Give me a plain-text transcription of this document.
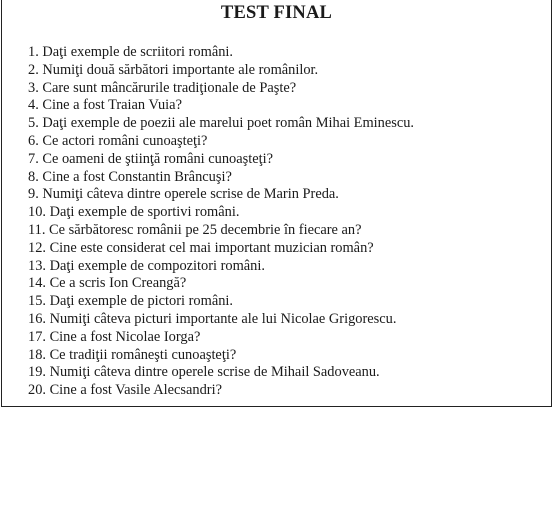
TEST FINAL
1. Daţi exemple de scriitori români.
2. Numiţi două sărbători importante ale românilor.
3. Care sunt mâncărurile tradiţionale de Paşte?
4. Cine a fost Traian Vuia?
5. Daţi exemple de poezii ale marelui poet român Mihai Eminescu.
6. Ce actori români cunoaşteţi?
7. Ce oameni de ştiinţă români cunoaşteţi?
8. Cine a fost Constantin Brâncuşi?
9. Numiţi câteva dintre operele scrise de Marin Preda.
10. Daţi exemple de sportivi români.
11. Ce sărbătoresc românii pe 25 decembrie în fiecare an?
12. Cine este considerat cel mai important muzician român?
13. Daţi exemple de compozitori români.
14. Ce a scris Ion Creangă?
15. Daţi exemple de pictori români.
16. Numiţi câteva picturi importante ale lui Nicolae Grigorescu.
17. Cine a fost Nicolae Iorga?
18. Ce tradiţii româneşti cunoaşteţi?
19. Numiţi câteva dintre operele scrise de Mihail Sadoveanu.
20. Cine a fost Vasile Alecsandri?
